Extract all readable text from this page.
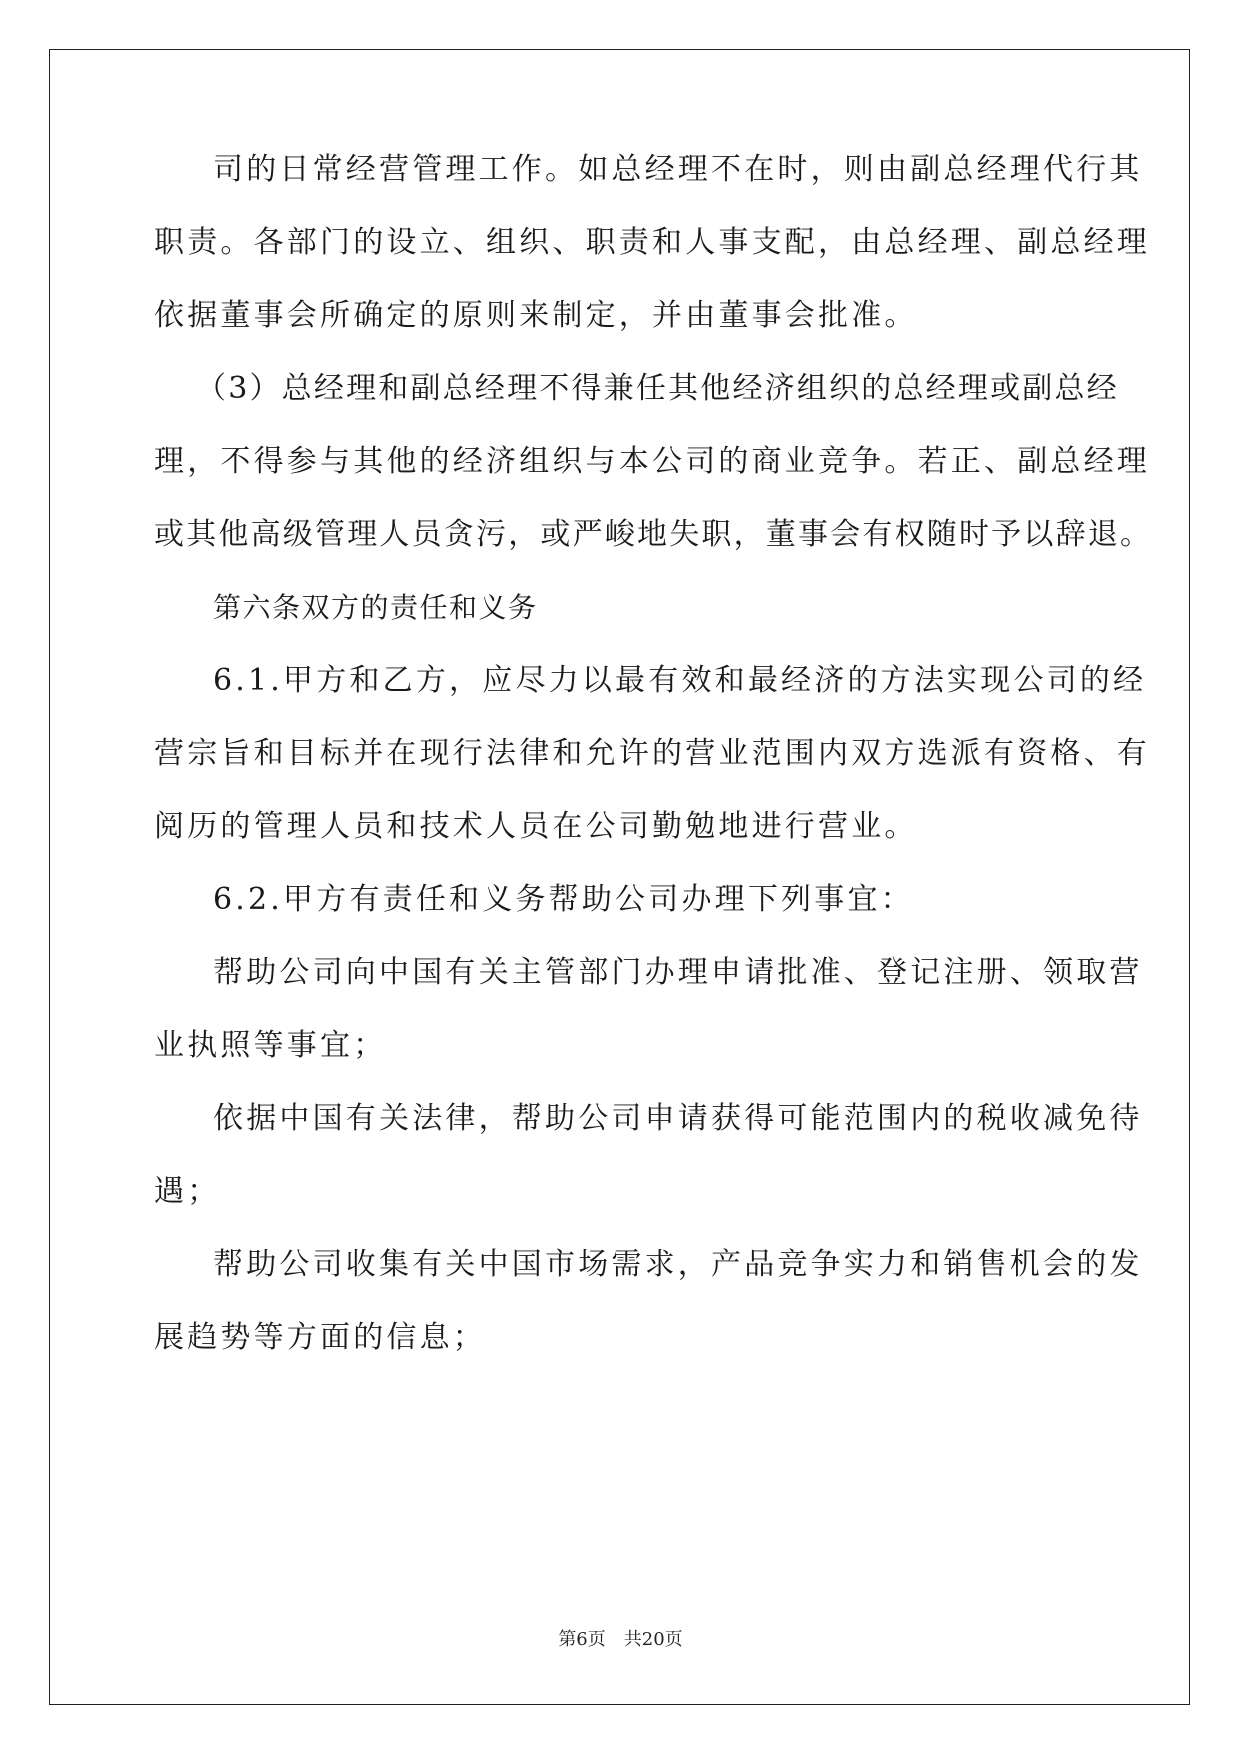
司的日常经营管理工作。如总经理不在时，则由副总经理代行其
职责。各部门的设立、组织、职责和人事支配，由总经理、副总经理
依据董事会所确定的原则来制定，并由董事会批准。
（3）总经理和副总经理不得兼任其他经济组织的总经理或副总经
理，不得参与其他的经济组织与本公司的商业竞争。若正、副总经理
或其他高级管理人员贪污，或严峻地失职，董事会有权随时予以辞退。
第六条双方的责任和义务
6.1.甲方和乙方，应尽力以最有效和最经济的方法实现公司的经
营宗旨和目标并在现行法律和允许的营业范围内双方选派有资格、有
阅历的管理人员和技术人员在公司勤勉地进行营业。
6.2.甲方有责任和义务帮助公司办理下列事宜：
帮助公司向中国有关主管部门办理申请批准、登记注册、领取营
业执照等事宜；
依据中国有关法律，帮助公司申请获得可能范围内的税收减免待
遇；
帮助公司收集有关中国市场需求，产品竞争实力和销售机会的发
展趋势等方面的信息；
第6页　共20页
